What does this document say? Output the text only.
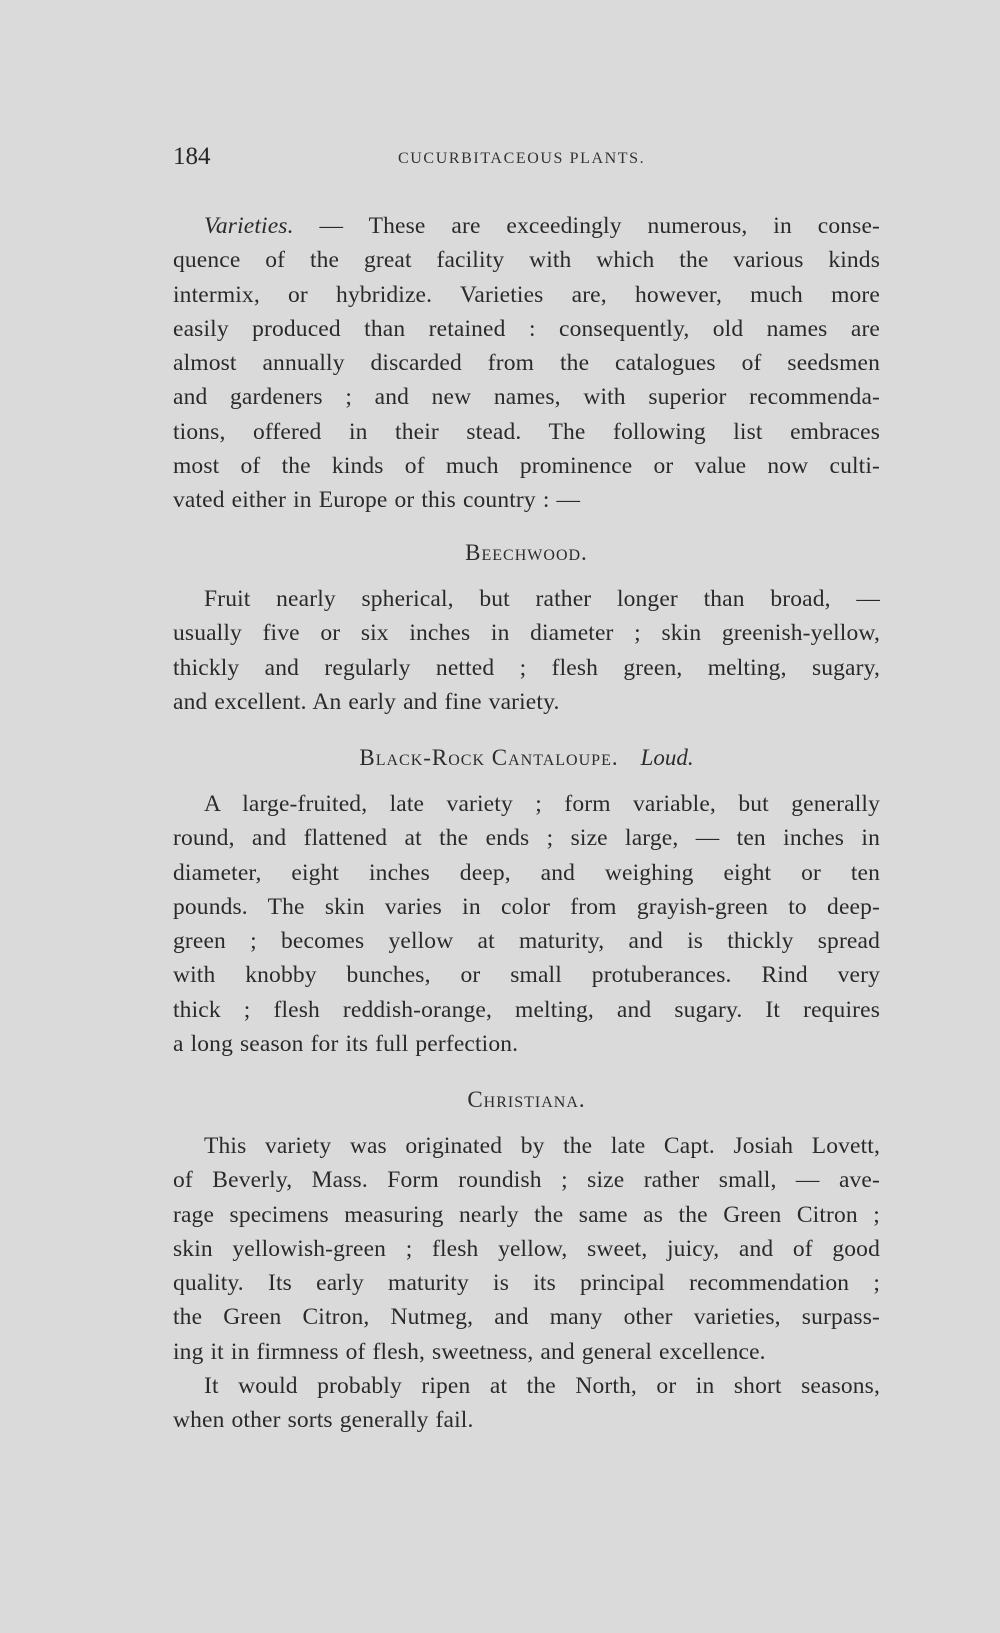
184	CUCURBITACEOUS PLANTS.
Varieties. — These are exceedingly numerous, in conse-
quence of the great facility with which the various kinds
intermix, or hybridize. Varieties are, however, much more
easily produced than retained : consequently, old names are
almost annually discarded from the catalogues of seedsmen
and gardeners ; and new names, with superior recommenda-
tions, offered in their stead. The following list embraces
most of the kinds of much prominence or value now culti-
vated either in Europe or this country : —
Beechwood.
Fruit nearly spherical, but rather longer than broad, —
usually five or six inches in diameter ; skin greenish-yellow,
thickly and regularly netted ; flesh green, melting, sugary,
and excellent. An early and fine variety.
Black-Rock Cantaloupe. Loud.
A large-fruited, late variety ; form variable, but generally
round, and flattened at the ends ; size large, — ten inches in
diameter, eight inches deep, and weighing eight or ten
pounds. The skin varies in color from grayish-green to deep-
green ; becomes yellow at maturity, and is thickly spread
with knobby bunches, or small protuberances. Rind very
thick ; flesh reddish-orange, melting, and sugary. It requires
a long season for its full perfection.
Christiana.
This variety was originated by the late Capt. Josiah Lovett,
of Beverly, Mass. Form roundish ; size rather small, — ave-
rage specimens measuring nearly the same as the Green Citron ;
skin yellowish-green ; flesh yellow, sweet, juicy, and of good
quality. Its early maturity is its principal recommendation ;
the Green Citron, Nutmeg, and many other varieties, surpass-
ing it in firmness of flesh, sweetness, and general excellence.
It would probably ripen at the North, or in short seasons,
when other sorts generally fail.
